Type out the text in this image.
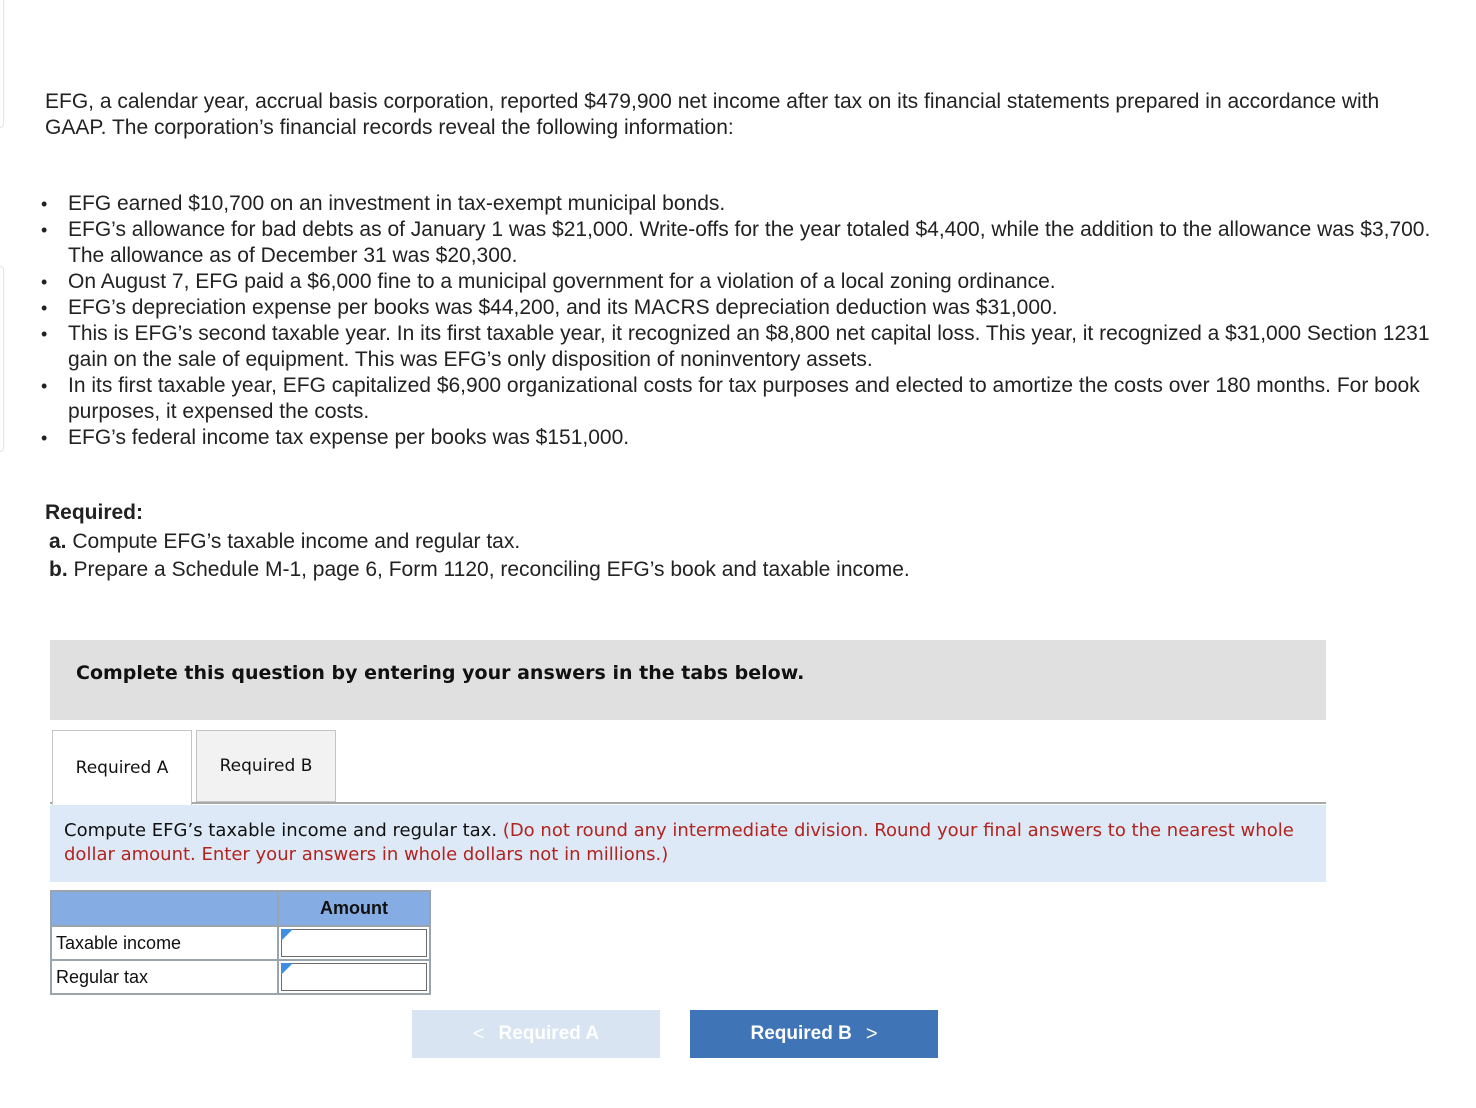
EFG, a calendar year, accrual basis corporation, reported $479,900 net income after tax on its financial statements prepared in accordance with GAAP. The corporation’s financial records reveal the following information:

• EFG earned $10,700 on an investment in tax-exempt municipal bonds.
• EFG’s allowance for bad debts as of January 1 was $21,000. Write-offs for the year totaled $4,400, while the addition to the allowance was $3,700. The allowance as of December 31 was $20,300.
• On August 7, EFG paid a $6,000 fine to a municipal government for a violation of a local zoning ordinance.
• EFG’s depreciation expense per books was $44,200, and its MACRS depreciation deduction was $31,000.
• This is EFG’s second taxable year. In its first taxable year, it recognized an $8,800 net capital loss. This year, it recognized a $31,000 Section 1231 gain on the sale of equipment. This was EFG’s only disposition of noninventory assets.
• In its first taxable year, EFG capitalized $6,900 organizational costs for tax purposes and elected to amortize the costs over 180 months. For book purposes, it expensed the costs.
• EFG’s federal income tax expense per books was $151,000.
Required:
a. Compute EFG’s taxable income and regular tax.
b. Prepare a Schedule M-1, page 6, Form 1120, reconciling EFG’s book and taxable income.
Complete this question by entering your answers in the tabs below.
Required A	Required B
Compute EFG’s taxable income and regular tax. (Do not round any intermediate division. Round your final answers to the nearest whole dollar amount. Enter your answers in whole dollars not in millions.)
	Amount
Taxable income	

Regular tax	
< Required A	Required B >
